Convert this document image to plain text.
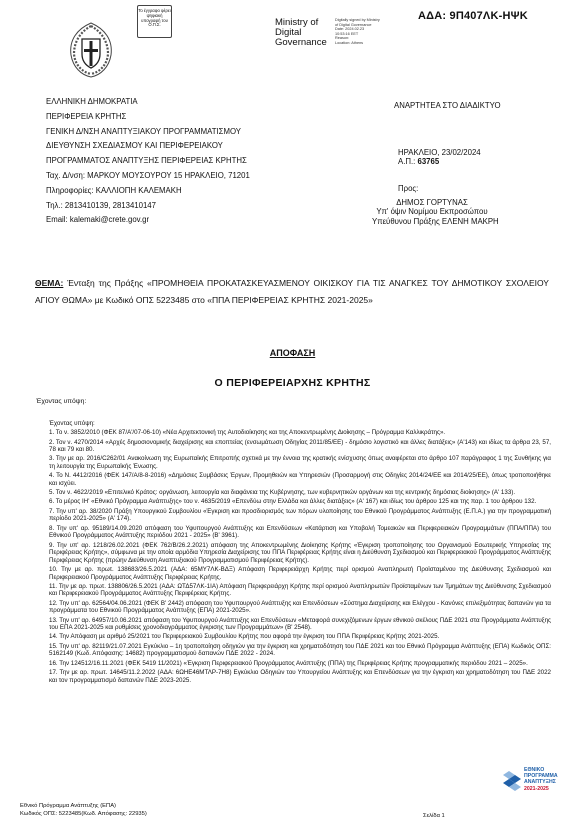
Το έγγραφο φέρει ψηφιακή υπογραφή του Ο.Π.Σ.	Ministry of
Digital
Governance
Digitally signed by Ministry
of Digital Governance
Date: 2024.02.23
10:53:16 EET
Reason:
Location: Athens
ΑΔΑ: 9Π407ΛΚ-ΗΨΚ
ΕΛΛΗΝΙΚΗ ΔΗΜΟΚΡΑΤΙΑ
ΠΕΡΙΦΕΡΕΙΑ ΚΡΗΤΗΣ
ΓΕΝΙΚΗ Δ/ΝΣΗ ΑΝΑΠΤΥΞΙΑΚΟΥ ΠΡΟΓΡΑΜΜΑΤΙΣΜΟΥ
ΔΙΕΥΘΥΝΣΗ ΣΧΕΔΙΑΣΜΟΥ ΚΑΙ ΠΕΡΙΦΕΡΕΙΑΚΟΥ
ΠΡΟΓΡΑΜΜΑΤΟΣ ΑΝΑΠΤΥΞΗΣ ΠΕΡΙΦΕΡΕΙΑΣ ΚΡΗΤΗΣ
Ταχ. Δ/νση: ΜΑΡΚΟΥ ΜΟΥΣΟΥΡΟΥ 15 ΗΡΑΚΛΕΙΟ, 71201
Πληροφορίες: ΚΑΛΛΙΟΠΗ ΚΑΛΕΜΑΚΗ
Τηλ.: 2813410139, 2813410147
Email: kalemaki@crete.gov.gr
ΑΝΑΡΤΗΤΕΑ ΣΤΟ ΔΙΑΔΙΚΤΥΟ
ΗΡΑΚΛΕΙΟ, 23/02/2024
Α.Π.: 63765
Προς:
ΔΗΜΟΣ ΓΟΡΤΥΝΑΣ
Υπ' όψιν Νομίμου Εκπροσώπου
Υπεύθυνου Πράξης ΕΛΕΝΗ ΜΑΚΡΗ
ΘΕΜΑ: Ένταξη της Πράξης «ΠΡΟΜΗΘΕΙΑ ΠΡΟΚΑΤΑΣΚΕΥΑΣΜΕΝΟΥ ΟΙΚΙΣΚΟΥ ΓΙΑ ΤΙΣ ΑΝΑΓΚΕΣ ΤΟΥ ΔΗΜΟΤΙΚΟΥ ΣΧΟΛΕΙΟΥ ΑΓΙΟΥ ΘΩΜΑ» με Κωδικό ΟΠΣ 5223485 στο «ΠΠΑ ΠΕΡΙΦΕΡΕΙΑΣ ΚΡΗΤΗΣ 2021-2025»
ΑΠΟΦΑΣΗ
Ο ΠΕΡΙΦΕΡΕΙΑΡΧΗΣ ΚΡΗΤΗΣ
Έχοντας υπόψη:

Έχοντας υπόψη:

1. Το ν. 3852/2010 (ΦΕΚ 87/Α'/07-06-10) «Νέα Αρχιτεκτονική της Αυτοδιοίκησης και της Αποκεντρωμένης Διοίκησης – Πρόγραμμα Καλλικράτης».

2. Τον ν. 4270/2014 «Αρχές δημοσιονομικής διαχείρισης και εποπτείας (ενσωμάτωση Οδηγίας 2011/85/ΕΕ) - δημόσιο λογιστικό και άλλες διατάξεις» (Α'143) και ιδίως τα άρθρα 23, 57, 78 και 79 και 80.

3. Την με αρ. 2016/C262/01 Ανακοίνωση της Ευρωπαϊκής Επιτροπής σχετικά με την έννοια της κρατικής ενίσχυσης όπως αναφέρεται στο άρθρο 107 παράγραφος 1 της Συνθήκης για τη λειτουργία της Ευρωπαϊκής Ένωσης.

4. Το Ν. 4412/2016 (ΦΕΚ 147/Α/8-8-2016) «Δημόσιες Συμβάσεις Έργων, Προμηθειών και Υπηρεσιών (Προσαρμογή στις Οδηγίες 2014/24/ΕΕ και 2014/25/ΕΕ), όπως τροποποιήθηκε και ισχύει.

5. Τον ν. 4622/2019 «Επιτελικό Κράτος: οργάνωση, λειτουργία και διαφάνεια της Κυβέρνησης, των κυβερνητικών οργάνων και της κεντρικής δημόσιας διοίκησης» (Α' 133).

6. Το μέρος ΙΗ' «Εθνικό Πρόγραμμα Ανάπτυξης» του ν. 4635/2019 «Επενδύω στην Ελλάδα και άλλες διατάξεις» (Α' 167) και ιδίως του άρθρου 125 και της παρ. 1 του άρθρου 132.

7. Την υπ' αρ. 38/2020 Πράξη Υπουργικού Συμβουλίου «Έγκριση και προσδιορισμός των πόρων υλοποίησης του Εθνικού Προγράμματος Ανάπτυξης (Ε.Π.Α.) για την προγραμματική περίοδο 2021-2025» (Α' 174).

8. Την υπ' αρ. 95189/14.09.2020 απόφαση του Υφυπουργού Ανάπτυξης και Επενδύσεων «Κατάρτιση και Υποβολή Τομεακών και Περιφερειακών Προγραμμάτων (ΠΠΑ/ΠΠΑ) του Εθνικού Προγράμματος Ανάπτυξης περιόδου 2021 - 2025» (Β' 3961).

9. Την υπ' αρ. 1218/26.02.2021 (ΦΕΚ 762/Β/26.2.2021) απόφαση της Αποκεντρωμένης Διοίκησης Κρήτης «Έγκριση τροποποίησης του Οργανισμού Εσωτερικής Υπηρεσίας της Περιφέρειας Κρήτης», σύμφωνα με την οποία αρμόδια Υπηρεσία Διαχείρισης του ΠΠΑ Περιφέρειας Κρήτης είναι η Διεύθυνση Σχεδιασμού και Περιφερειακού Προγράμματος Ανάπτυξης Περιφέρειας Κρήτης (πρώην Διεύθυνση Αναπτυξιακού Προγραμματισμού Περιφέρειας Κρήτης).

10. Την με αρ. πρωτ. 138683/26.5.2021 (ΑΔΑ: 65ΜΥ7ΛΚ-ΒΔΞ) Απόφαση Περιφερειάρχη Κρήτης περί ορισμού Αναπληρωτή Προϊσταμένου της Διεύθυνσης Σχεδιασμού και Περιφερειακού Προγράμματος Ανάπτυξης Περιφέρειας Κρήτης.

11. Την με αρ. πρωτ. 138806/26.5.2021 (ΑΔΑ: ΩΤΔ57ΛΚ-1ΙΑ) Απόφαση Περιφερειάρχη Κρήτης περί ορισμού Αναπληρωτών Προϊσταμένων των Τμημάτων της Διεύθυνσης Σχεδιασμού και Περιφερειακού Προγράμματος Ανάπτυξης Περιφέρειας Κρήτης.

12. Την υπ' αρ. 62564/04.06.2021 (ΦΕΚ Β' 2442) απόφαση του Υφυπουργού Ανάπτυξης και Επενδύσεων «Σύστημα Διαχείρισης και Ελέγχου - Κανόνες επιλεξιμότητας δαπανών για τα προγράμματα του Εθνικού Προγράμματος Ανάπτυξης (ΕΠΑ) 2021-2025».

13. Την υπ' αρ. 64957/10.06.2021 απόφαση του Υφυπουργού Ανάπτυξης και Επενδύσεων «Μεταφορά συνεχιζόμενων έργων εθνικού σκέλους ΠΔΕ 2021 στα Προγράμματα Ανάπτυξης του ΕΠΑ 2021-2025 και ρυθμίσεις χρονοδιαγράμματος έγκρισης των Προγραμμάτων» (Β' 2548).

14. Την Απόφαση με αριθμό 25/2021 του Περιφερειακού Συμβουλίου Κρήτης που αφορά την έγκριση του ΠΠΑ Περιφέρειας Κρήτης 2021-2025.

15. Την υπ' αρ. 82119/21.07.2021 Εγκύκλιο – 1η τροποποίηση οδηγιών για την έγκριση και χρηματοδότηση του ΠΔΕ 2021 και του Εθνικό Πρόγραμμα Ανάπτυξης (ΕΠΑ) Κωδικός ΟΠΣ: 5162149 (Κωδ. Απόφασης: 14682) προγραμματισμού δαπανών ΠΔΕ 2022 - 2024.

16. Την 124512/16.11.2021 (ΦΕΚ 5419 11/2021) «Έγκριση Περιφερειακού Προγράμματος Ανάπτυξης (ΠΠΑ) της Περιφέρειας Κρήτης προγραμματικής περιόδου 2021 – 2025».

17. Την με αρ. πρωτ. 14645/11.2.2022 (ΑΔΑ: 6ΩΗΕ46ΜΤΛΡ-7Η8) Εγκύκλιο Οδηγιών του Υπουργείου Ανάπτυξης και Επενδύσεων για την έγκριση και χρηματοδότηση του ΠΔΕ 2022 και τον προγραμματισμό δαπανών ΠΔΕ 2023-2025.

ΕΘΝΙΚΟ
ΠΡΟΓΡΑΜΜΑ
ΑΝΑΠΤΥΞΗΣ
2021-2025
Εθνικό Πρόγραμμα Ανάπτυξης (ΕΠΑ)
Κωδικός ΟΠΣ: 5223485(Κωδ. Απόφασης: 22935)	Σελίδα 1
